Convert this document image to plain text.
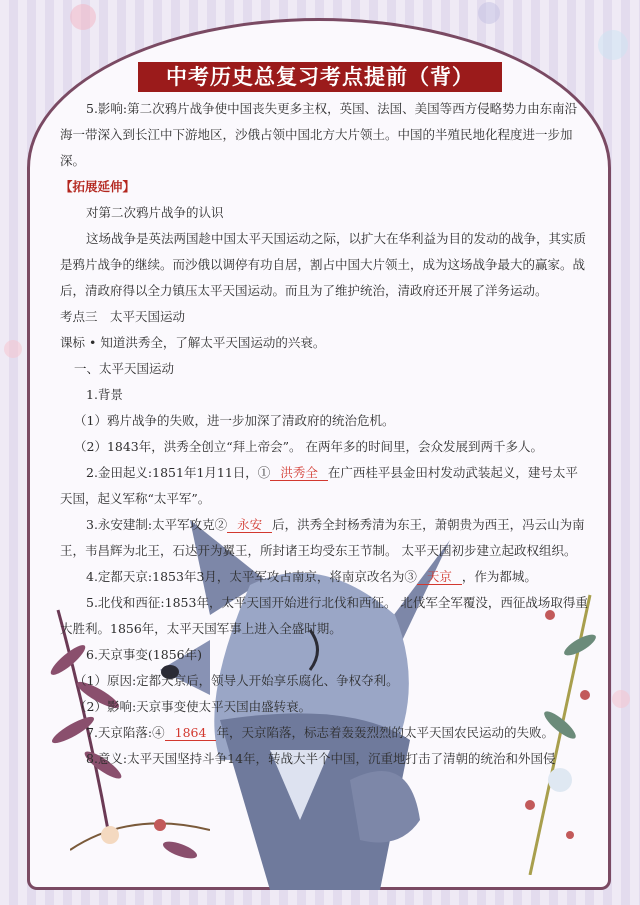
中考历史总复习考点提前（背）

5.影响:第二次鸦片战争使中国丧失更多主权，英国、法国、美国等西方侵略势力由东南沿海一带深入到长江中下游地区，沙俄占领中国北方大片领土。中国的半殖民地化程度进一步加深。

【拓展延伸】

对第二次鸦片战争的认识

这场战争是英法两国趁中国太平天国运动之际，以扩大在华利益为目的发动的战争，其实质是鸦片战争的继续。而沙俄以调停有功自居，割占中国大片领土，成为这场战争最大的赢家。战后，清政府得以全力镇压太平天国运动。而且为了维护统治，清政府还开展了洋务运动。

考点三　太平天国运动

课标 • 知道洪秀全，了解太平天国运动的兴衰。

一、太平天国运动

1.背景

（1）鸦片战争的失败，进一步加深了清政府的统治危机。

（2）1843年，洪秀全创立“拜上帝会”。 在两年多的时间里，会众发展到两千多人。

2.金田起义:1851年1月11日，① 洪秀全 在广西桂平县金田村发动武装起义，建号太平天国，起义军称“太平军”。

3.永安建制:太平军攻克② 永安 后，洪秀全封杨秀清为东王，萧朝贵为西王，冯云山为南王，韦昌辉为北王，石达开为翼王，所封诸王均受东王节制。 太平天国初步建立起政权组织。

4.定都天京:1853年3月，太平军攻占南京，将南京改名为③ 天京 ，作为都城。

5.北伐和西征:1853年，太平天国开始进行北伐和西征。 北伐军全军覆没，西征战场取得重大胜利。1856年，太平天国军事上进入全盛时期。

6.天京事变(1856年)

（1）原因:定都天京后，领导人开始享乐腐化、争权夺利。

（2）影响:天京事变使太平天国由盛转衰。

7.天京陷落:④ 1864 年，天京陷落，标志着轰轰烈烈的太平天国农民运动的失败。

8.意义:太平天国坚持斗争14年，转战大半个中国，沉重地打击了清朝的统治和外国侵
